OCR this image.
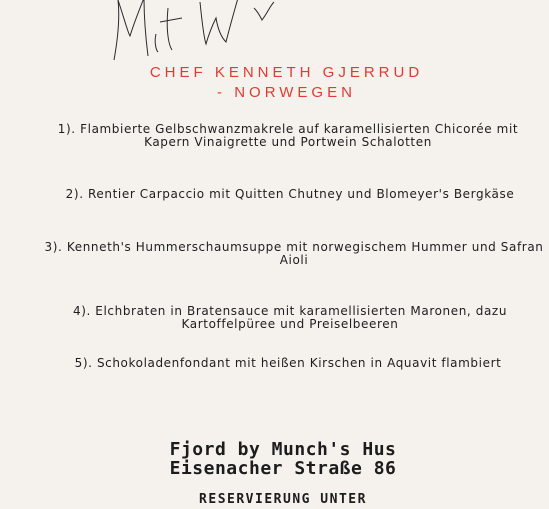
CHEF KENNETH GJERRUD
- NORWEGEN
1). Flambierte Gelbschwanzmakrele auf karamellisierten Chicorée mit
Kapern Vinaigrette und Portwein Schalotten
2). Rentier Carpaccio mit Quitten Chutney und Blomeyer's Bergkäse
3). Kenneth's Hummerschaumsuppe mit norwegischem Hummer und Safran
Aioli
4). Elchbraten in Bratensauce mit karamellisierten Maronen, dazu
Kartoffelpüree und Preiselbeeren
5). Schokoladenfondant mit heißen Kirschen in Aquavit flambiert
Fjord by Munch's Hus
Eisenacher Straße 86
RESERVIERUNG UNTER
